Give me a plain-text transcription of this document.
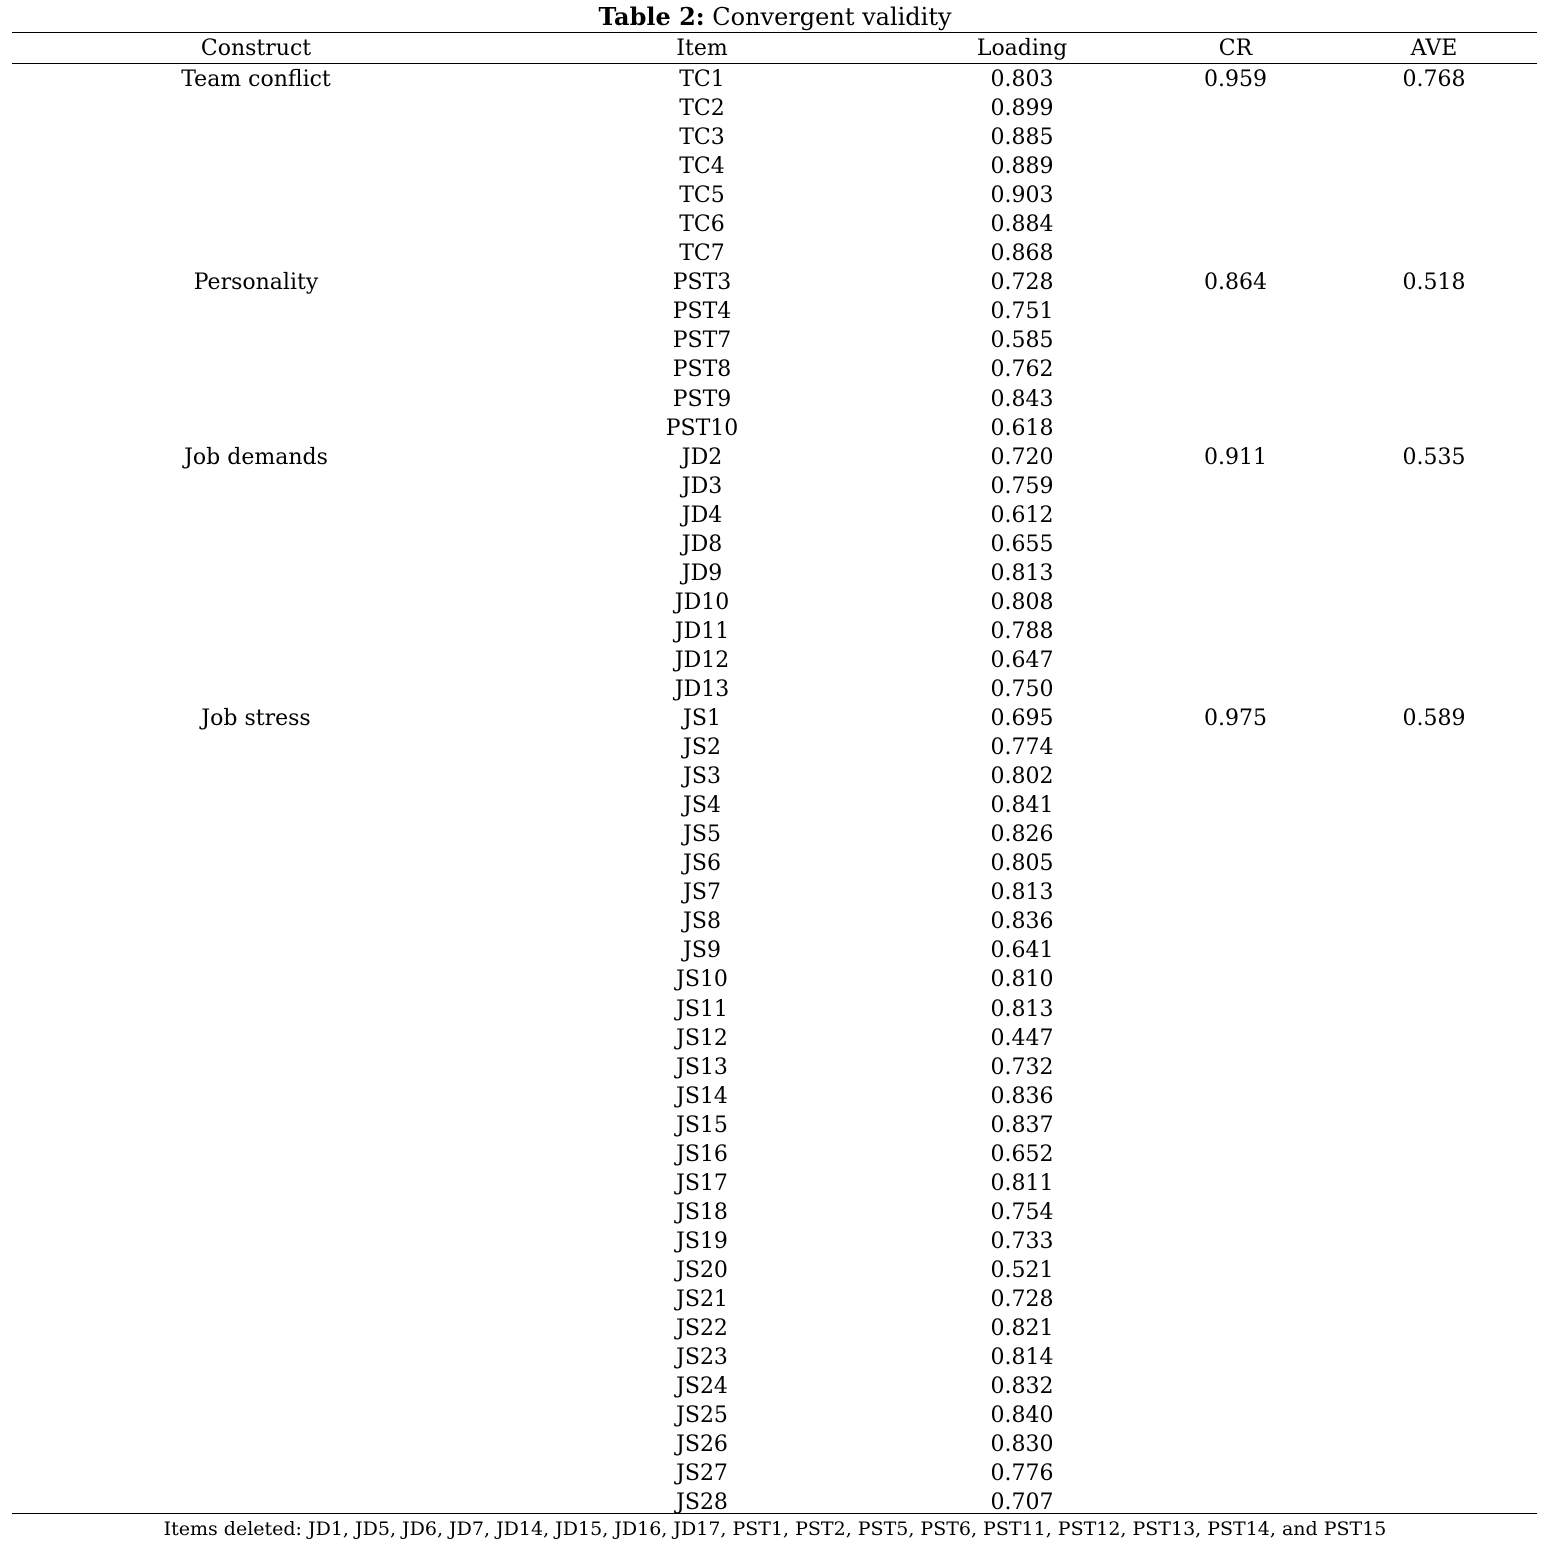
Table 2: Convergent validity
Construct	Item	Loading	CR	AVE
Team conflict	TC1	0.803	0.959	0.768
TC2	0.899
TC3	0.885
TC4	0.889
TC5	0.903
TC6	0.884
TC7	0.868
Personality	PST3	0.728	0.864	0.518
PST4	0.751
PST7	0.585
PST8	0.762
PST9	0.843
PST10	0.618
Job demands	JD2	0.720	0.911	0.535
JD3	0.759
JD4	0.612
JD8	0.655
JD9	0.813
JD10	0.808
JD11	0.788
JD12	0.647
JD13	0.750
Job stress	JS1	0.695	0.975	0.589
JS2	0.774
JS3	0.802
JS4	0.841
JS5	0.826
JS6	0.805
JS7	0.813
JS8	0.836
JS9	0.641
JS10	0.810
JS11	0.813
JS12	0.447
JS13	0.732
JS14	0.836
JS15	0.837
JS16	0.652
JS17	0.811
JS18	0.754
JS19	0.733
JS20	0.521
JS21	0.728
JS22	0.821
JS23	0.814
JS24	0.832
JS25	0.840
JS26	0.830
JS27	0.776
JS28	0.707
Items deleted: JD1, JD5, JD6, JD7, JD14, JD15, JD16, JD17, PST1, PST2, PST5, PST6, PST11, PST12, PST13, PST14, and PST15
